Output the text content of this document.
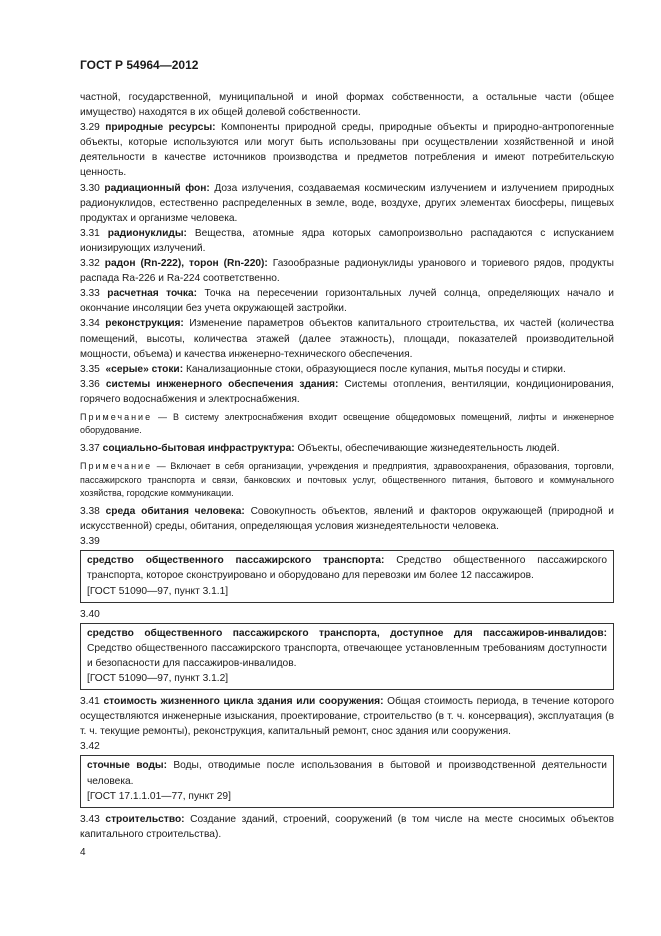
ГОСТ Р 54964—2012

частной, государственной, муниципальной и иной формах собственности, а остальные части (общее имущество) находятся в их общей долевой собственности.

3.29 природные ресурсы: Компоненты природной среды, природные объекты и природно-антропогенные объекты, которые используются или могут быть использованы при осуществлении хозяйственной и иной деятельности в качестве источников производства и предметов потребления и имеют потребительскую ценность.

3.30 радиационный фон: Доза излучения, создаваемая космическим излучением и излучением природных радионуклидов, естественно распределенных в земле, воде, воздухе, других элементах биосферы, пищевых продуктах и организме человека.

3.31 радионуклиды: Вещества, атомные ядра которых самопроизвольно распадаются с испусканием ионизирующих излучений.

3.32 радон (Rn-222), торон (Rn-220): Газообразные радионуклиды уранового и ториевого рядов, продукты распада Ra-226 и Ra-224 соответственно.

3.33 расчетная точка: Точка на пересечении горизонтальных лучей солнца, определяющих начало и окончание инсоляции без учета окружающей застройки.

3.34 реконструкция: Изменение параметров объектов капитального строительства, их частей (количества помещений, высоты, количества этажей (далее этажность), площади, показателей производительной мощности, объема) и качества инженерно-технического обеспечения.

3.35 «серые» стоки: Канализационные стоки, образующиеся после купания, мытья посуды и стирки.

3.36 системы инженерного обеспечения здания: Системы отопления, вентиляции, кондиционирования, горячего водоснабжения и электроснабжения.

Примечание — В систему электроснабжения входит освещение общедомовых помещений, лифты и инженерное оборудование.

3.37 социально-бытовая инфраструктура: Объекты, обеспечивающие жизнедеятельность людей.

Примечание — Включает в себя организации, учреждения и предприятия, здравоохранения, образования, торговли, пассажирского транспорта и связи, банковских и почтовых услуг, общественного питания, бытового и коммунального хозяйства, городские коммуникации.

3.38 среда обитания человека: Совокупность объектов, явлений и факторов окружающей (природной и искусственной) среды, обитания, определяющая условия жизнедеятельности человека.

3.39

средство общественного пассажирского транспорта: Средство общественного пассажирского транспорта, которое сконструировано и оборудовано для перевозки им более 12 пассажиров.

[ГОСТ 51090—97, пункт 3.1.1]

3.40

средство общественного пассажирского транспорта, доступное для пассажиров-инвалидов: Средство общественного пассажирского транспорта, отвечающее установленным требованиям доступности и безопасности для пассажиров-инвалидов.

[ГОСТ 51090—97, пункт 3.1.2]

3.41 стоимость жизненного цикла здания или сооружения: Общая стоимость периода, в течение которого осуществляются инженерные изыскания, проектирование, строительство (в т. ч. консервация), эксплуатация (в т. ч. текущие ремонты), реконструкция, капитальный ремонт, снос здания или сооружения.

3.42

сточные воды: Воды, отводимые после использования в бытовой и производственной деятельности человека.

[ГОСТ 17.1.1.01—77, пункт 29]

3.43 строительство: Создание зданий, строений, сооружений (в том числе на месте сносимых объектов капитального строительства).

4
